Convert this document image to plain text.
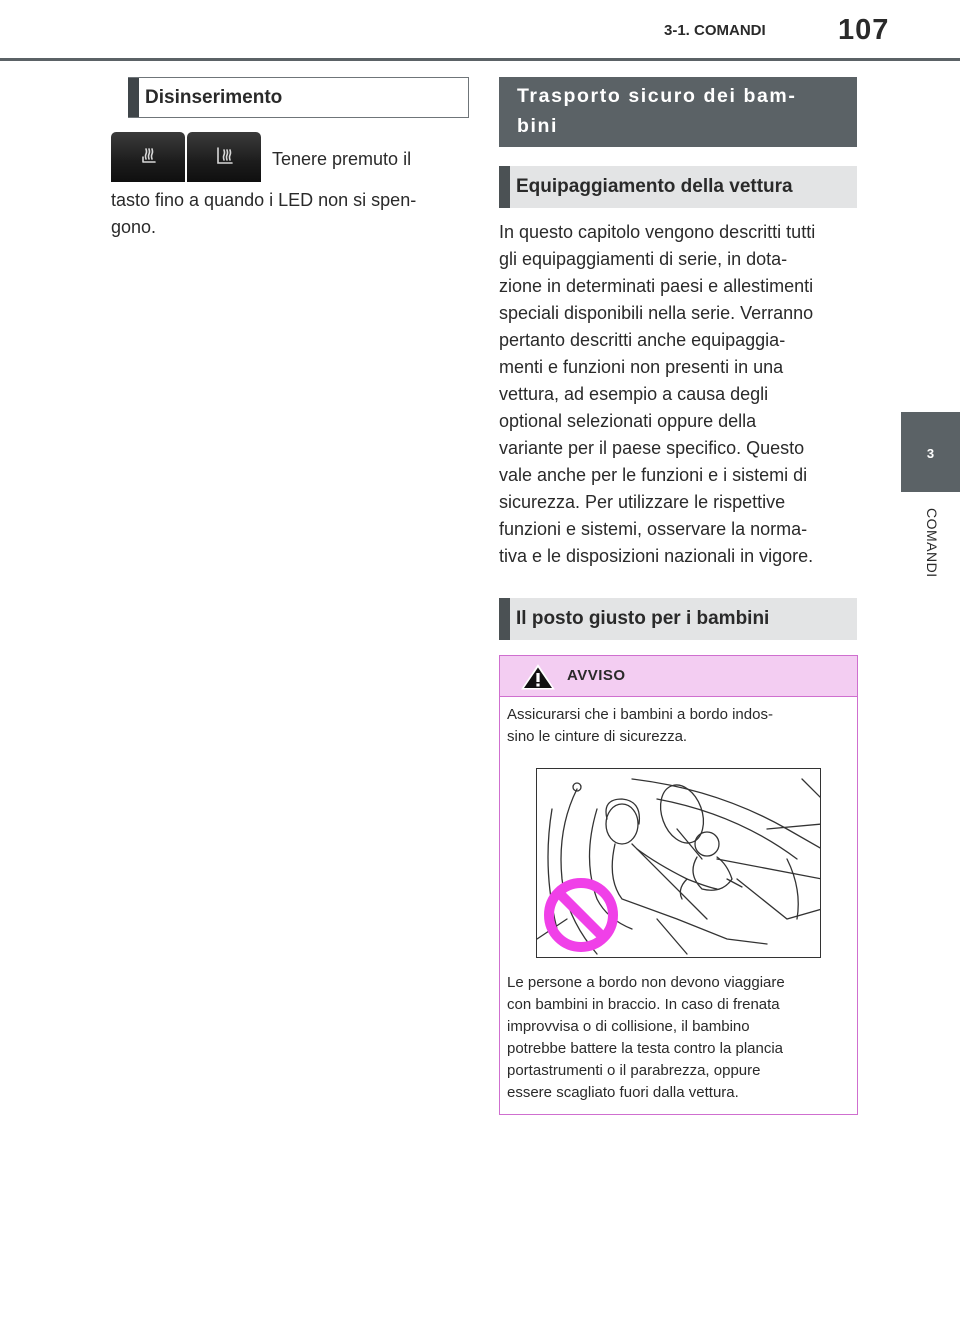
3-1. COMANDI 107
3
COMANDI
Disinserimento
Tenere premuto il
tasto fino a quando i LED non si spen-
gono.
Trasporto sicuro dei bam-
bini
Equipaggiamento della vettura
In questo capitolo vengono descritti tutti
gli equipaggiamenti di serie, in dota-
zione in determinati paesi e allestimenti
speciali disponibili nella serie. Verranno
pertanto descritti anche equipaggia-
menti e funzioni non presenti in una
vettura, ad esempio a causa degli
optional selezionati oppure della
variante per il paese specifico. Questo
vale anche per le funzioni e i sistemi di
sicurezza. Per utilizzare le rispettive
funzioni e sistemi, osservare la norma-
tiva e le disposizioni nazionali in vigore.
Il posto giusto per i bambini
AVVISO
Assicurarsi che i bambini a bordo indos-
sino le cinture di sicurezza.
Le persone a bordo non devono viaggiare
con bambini in braccio. In caso di frenata
improvvisa o di collisione, il bambino
potrebbe battere la testa contro la plancia
portastrumenti o il parabrezza, oppure
essere scagliato fuori dalla vettura.
